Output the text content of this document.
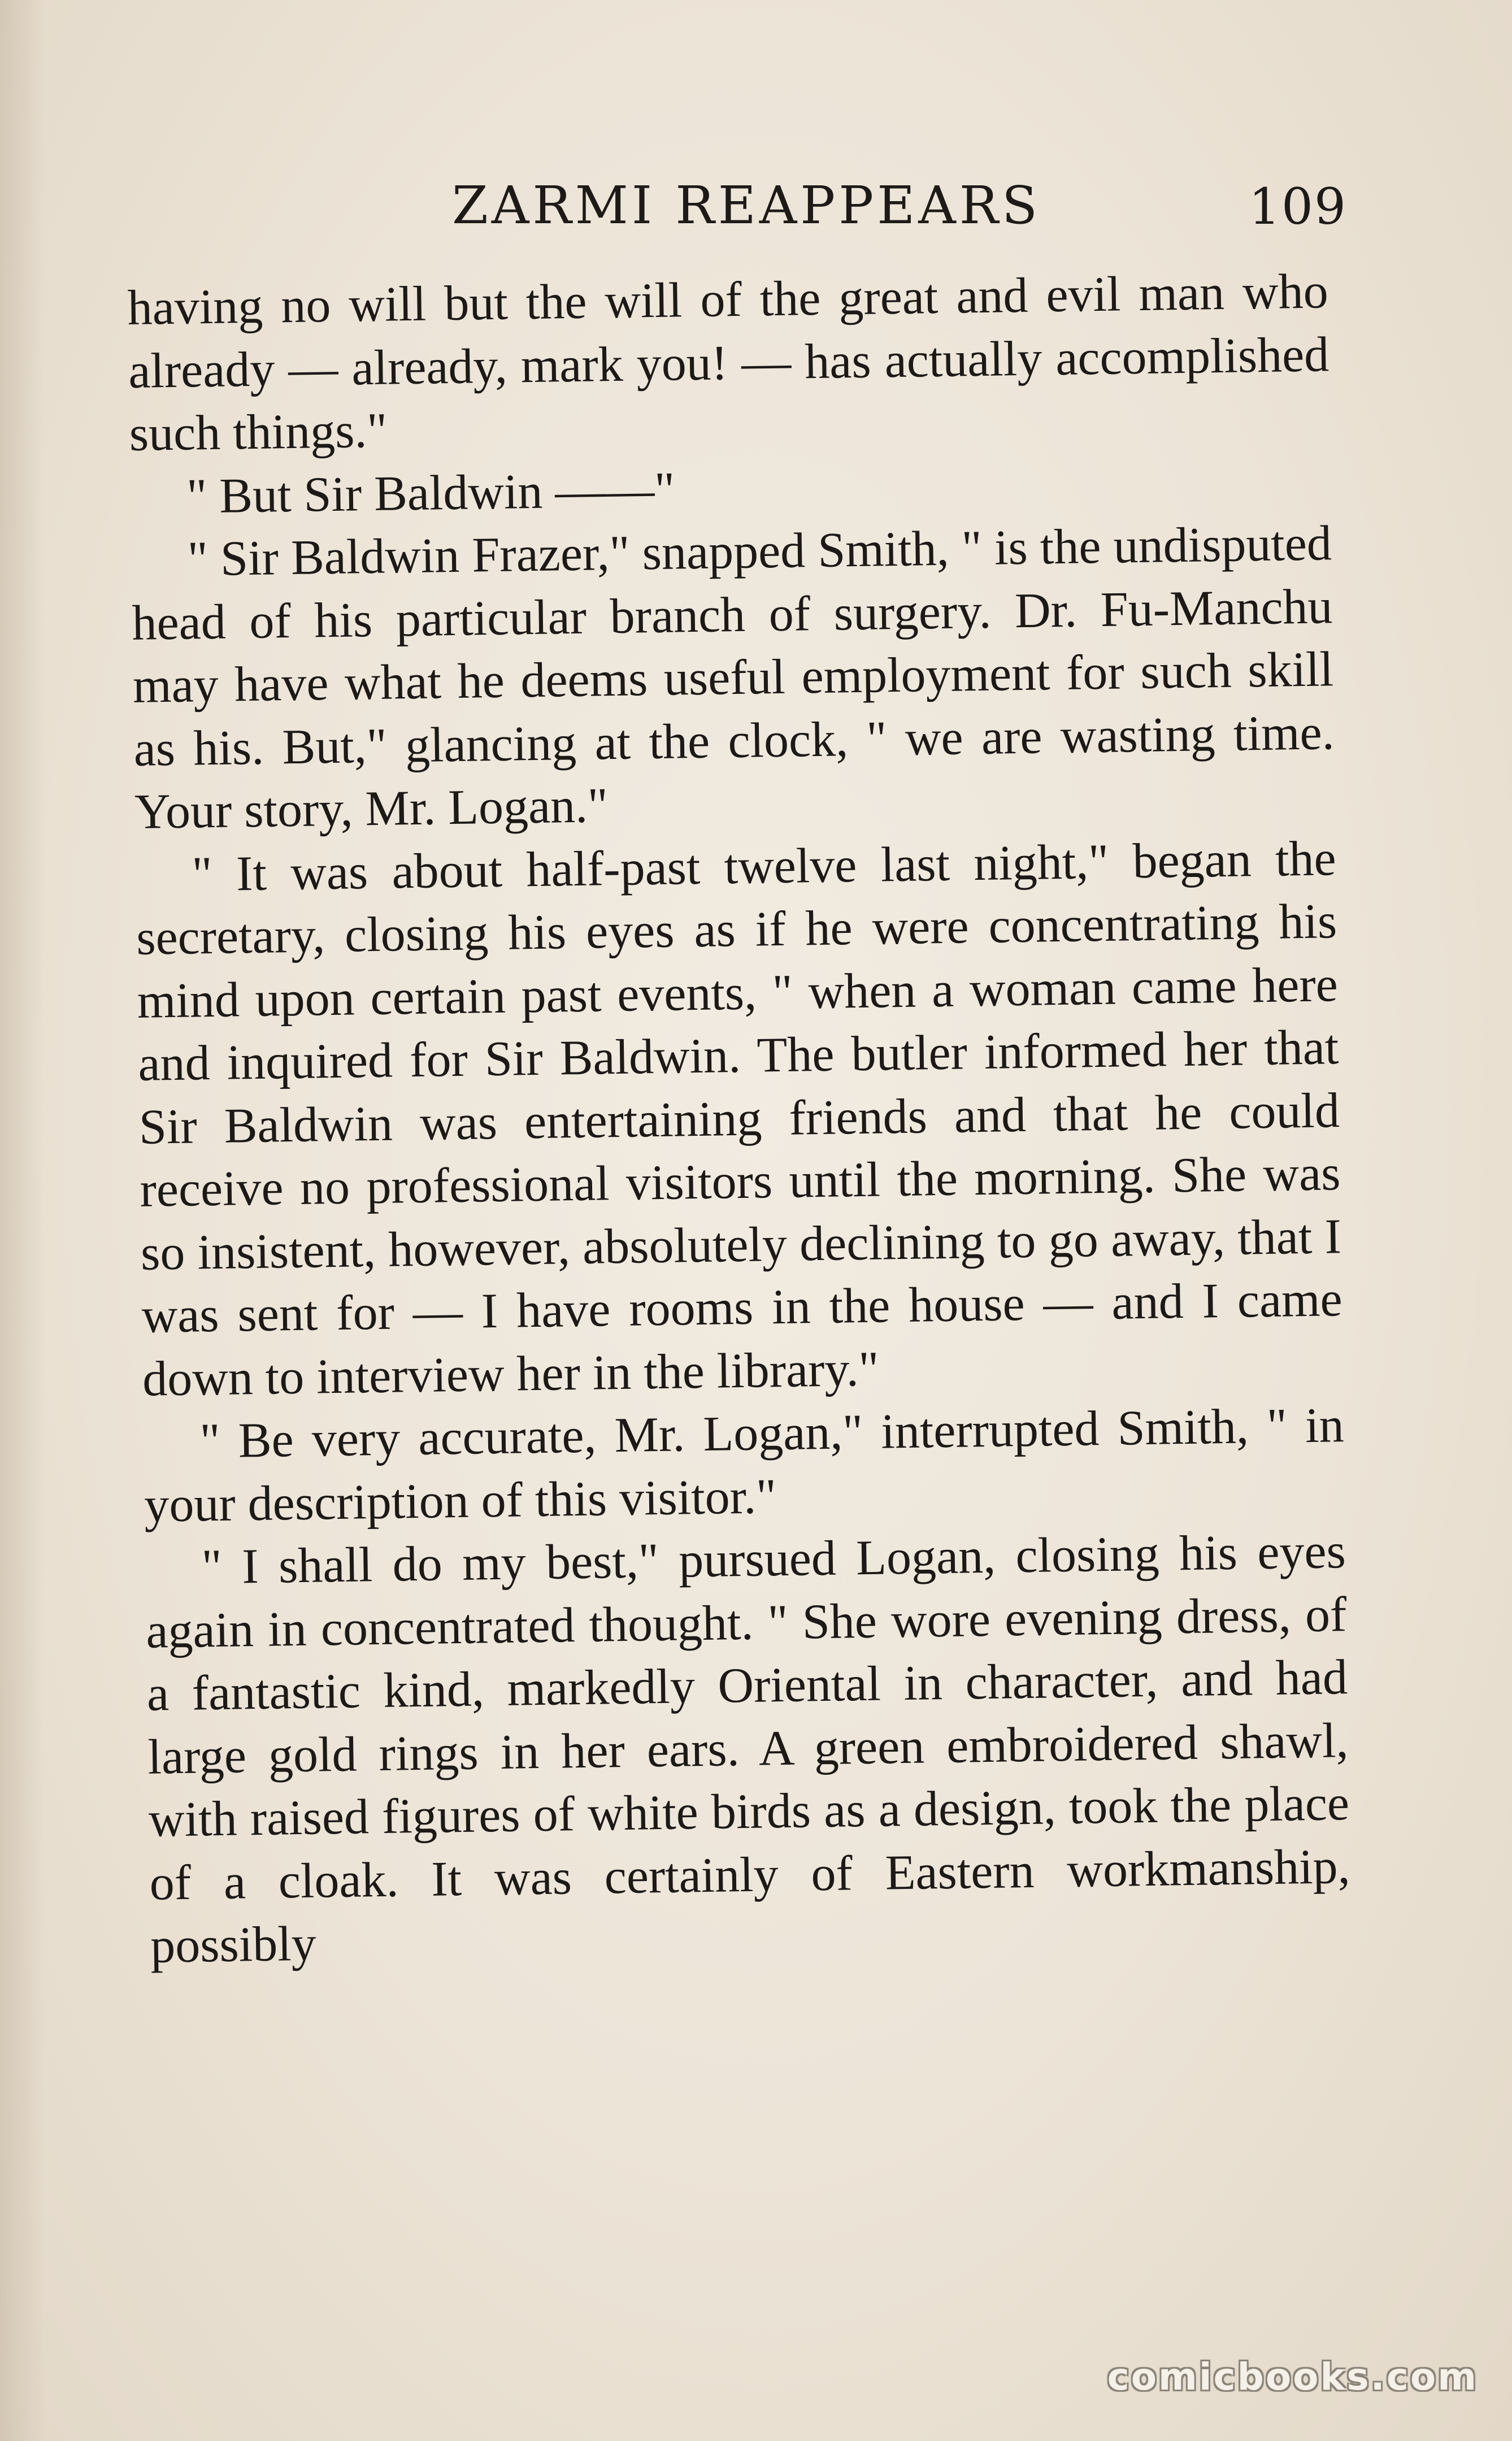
ZARMI REAPPEARS	109

having no will but the will of the great and evil man who already — already, mark you! — has actually accomplished such things."

" But Sir Baldwin ——"

" Sir Baldwin Frazer," snapped Smith, " is the undisputed head of his particular branch of surgery. Dr. Fu-Manchu may have what he deems useful employment for such skill as his. But," glancing at the clock, " we are wasting time. Your story, Mr. Logan."

" It was about half-past twelve last night," began the secretary, closing his eyes as if he were concentrating his mind upon certain past events, " when a woman came here and inquired for Sir Baldwin. The butler informed her that Sir Baldwin was entertaining friends and that he could receive no professional visitors until the morning. She was so insistent, however, absolutely declining to go away, that I was sent for — I have rooms in the house — and I came down to interview her in the library."

" Be very accurate, Mr. Logan," interrupted Smith, " in your description of this visitor."

" I shall do my best," pursued Logan, closing his eyes again in concentrated thought. " She wore evening dress, of a fantastic kind, markedly Oriental in character, and had large gold rings in her ears. A green embroidered shawl, with raised figures of white birds as a design, took the place of a cloak. It was certainly of Eastern workmanship, possibly

comicbooks.com
